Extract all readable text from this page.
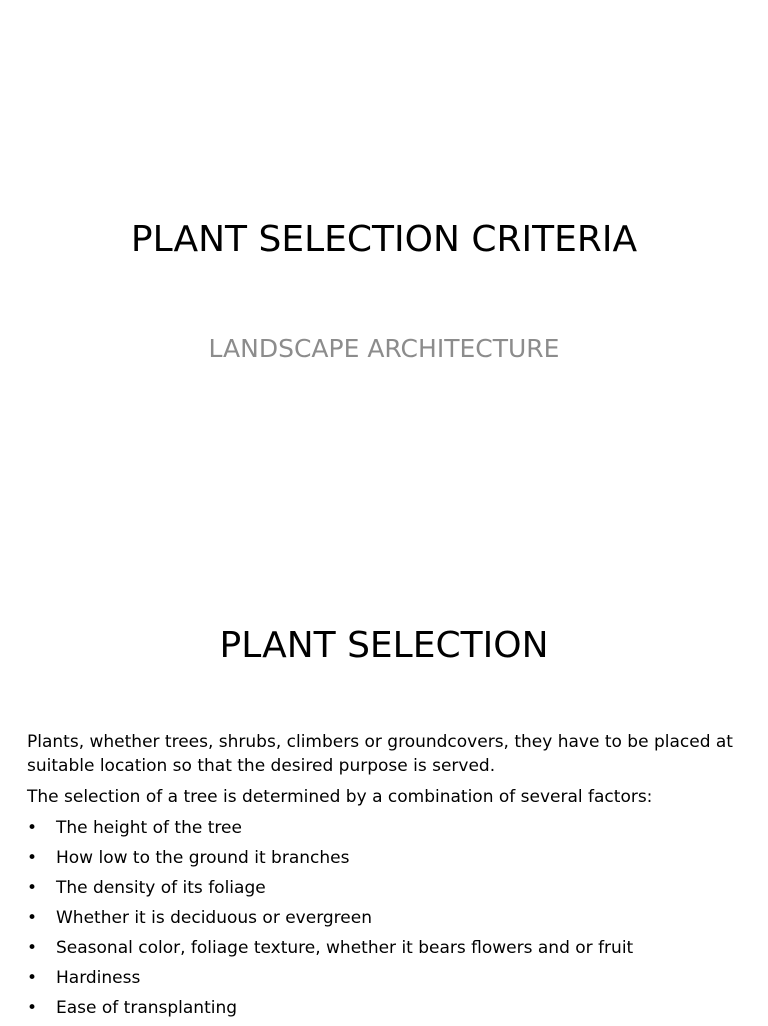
PLANT SELECTION CRITERIA

LANDSCAPE ARCHITECTURE

PLANT SELECTION

Plants, whether trees, shrubs, climbers or groundcovers, they have to be placed at suitable location so that the desired purpose is served.

The selection of a tree is determined by a combination of several factors:

• The height of the tree
• How low to the ground it branches
• The density of its foliage
• Whether it is deciduous or evergreen
• Seasonal color, foliage texture, whether it bears flowers and or fruit
• Hardiness
• Ease of transplanting
